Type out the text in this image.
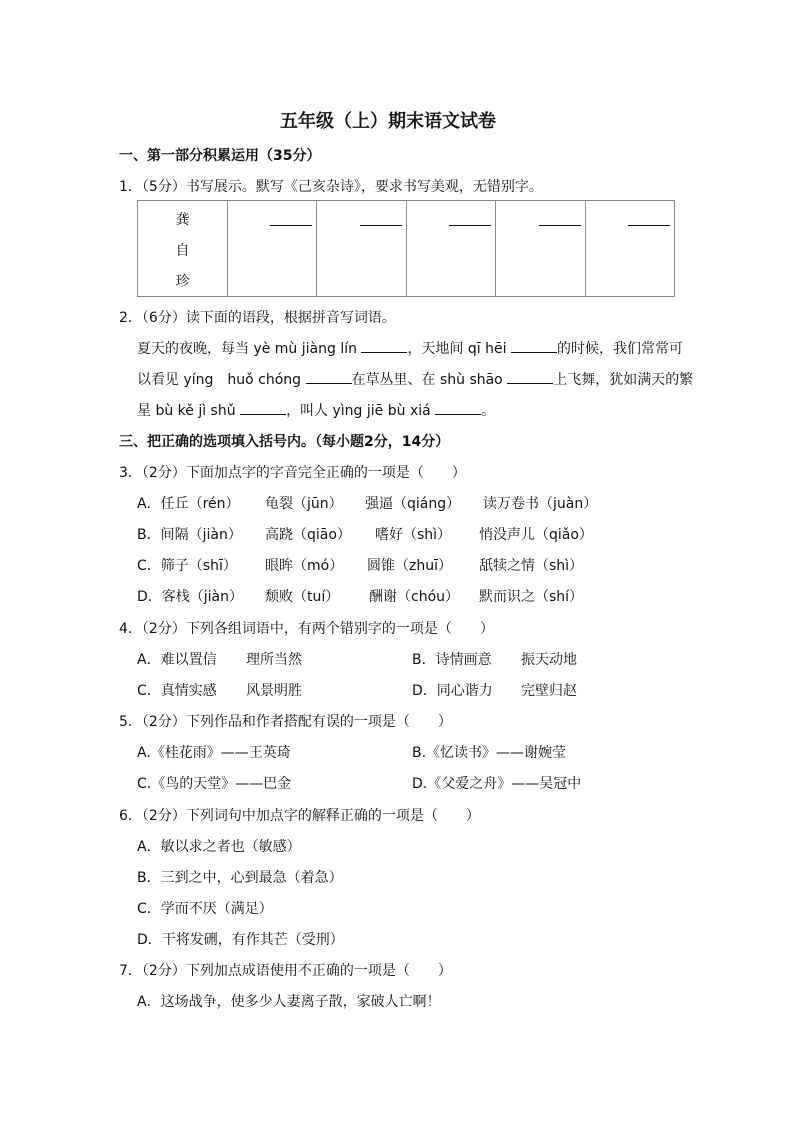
五年级（上）期末语文试卷
一、第一部分积累运用（35分）
1．（5分）书写展示。默写《己亥杂诗》，要求书写美观，无错别字。
龚
自
珍

2．（6分）读下面的语段，根据拼音写词语。
夏天的夜晚，每当 yè mù jiàng lín	，天地间 qī hēi	的时候，我们常常可
以看见 yíng　huǒ chóng	在草丛里、在 shù shāo	上飞舞，犹如满天的繁
星 bù kě jì shǔ	，叫人 yìng jiē bù xiá	。
三、把正确的选项填入括号内。（每小题2分，14分）
3．（2分）下面加点字的字音完全正确的一项是（　　）
A．任丘（rén） 龟裂（jūn） 强逼（qiáng） 读万卷书（juàn）
B．间隔（jiàn） 高跷（qiāo） 嗜好（shì） 悄没声儿（qiǎo）
C．筛子（shī） 眼眸（mó） 圆锥（zhuī） 舐犊之情（shì）
D．客栈（jiàn） 颓败（tuí） 酬谢（chóu） 默而识之（shí）
4．（2分）下列各组词语中，有两个错别字的一项是（　　）
A．难以置信 理所当然	B．诗情画意 振天动地
C．真情实感 风景明胜	D．同心谐力 完壁归赵
5．（2分）下列作品和作者搭配有误的一项是（　　）
A.《桂花雨》——王英琦	B.《忆读书》——谢婉莹
C.《鸟的天堂》——巴金	D.《父爱之舟》——吴冠中
6．（2分）下列词句中加点字的解释正确的一项是（　　）
A．敏以求之者也（敏感）
B．三到之中，心到最急（着急）
C．学而不厌（满足）
D．干将发硎，有作其芒（受刑）
7．（2分）下列加点成语使用不正确的一项是（　　）
A．这场战争，使多少人妻离子散，家破人亡啊！
